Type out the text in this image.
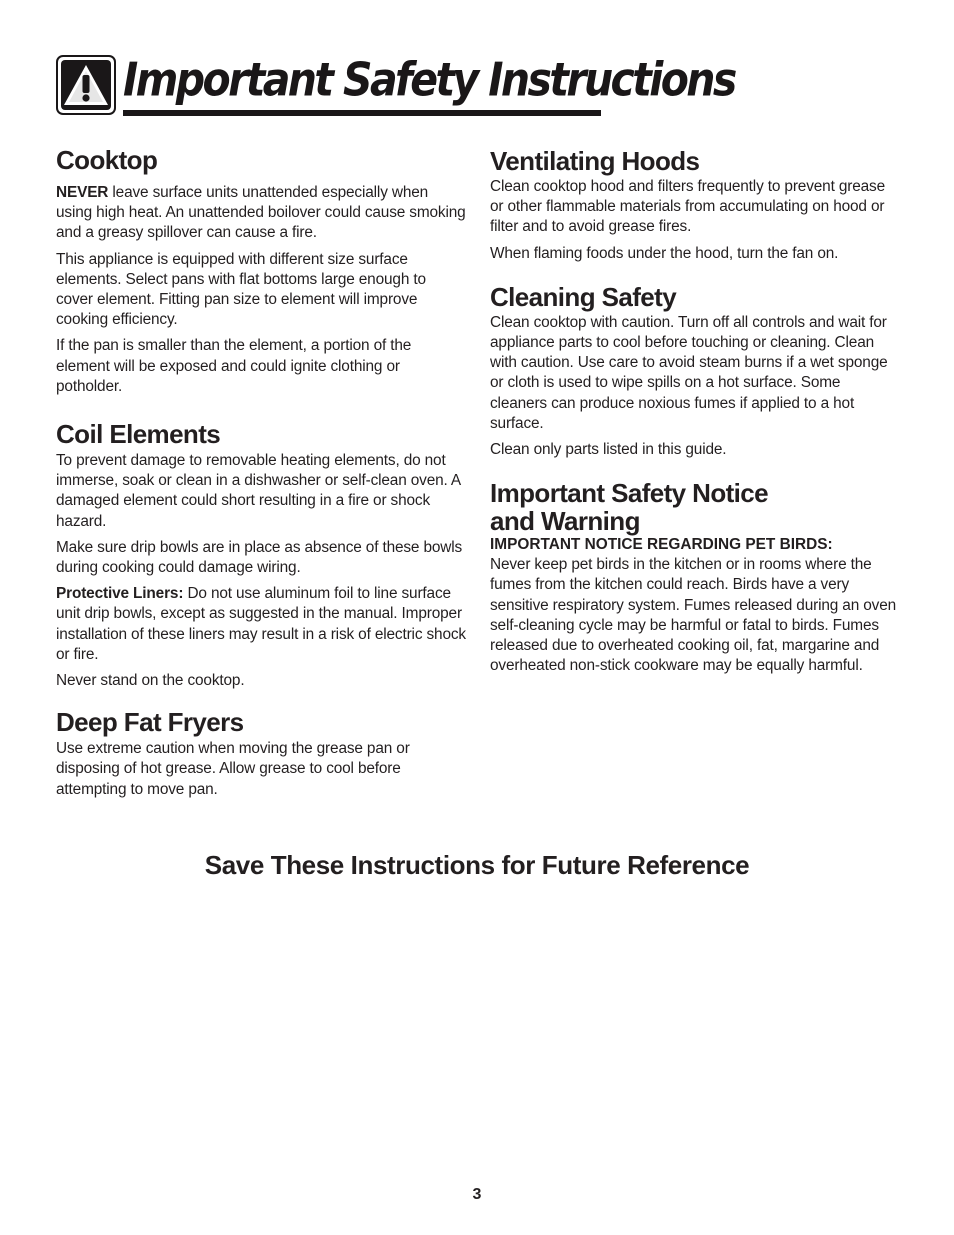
Important Safety Instructions
Cooktop

NEVER leave surface units unattended especially when using high heat. An unattended boilover could cause smoking and a greasy spillover can cause a fire.

This appliance is equipped with different size surface elements. Select pans with flat bottoms large enough to cover element. Fitting pan size to element will improve cooking efficiency.

If the pan is smaller than the element, a portion of the element will be exposed and could ignite clothing or potholder.

Coil Elements

To prevent damage to removable heating elements, do not immerse, soak or clean in a dishwasher or self-clean oven. A damaged element could short resulting in a fire or shock hazard.

Make sure drip bowls are in place as absence of these bowls during cooking could damage wiring.

Protective Liners: Do not use aluminum foil to line surface unit drip bowls, except as suggested in the manual. Improper installation of these liners may result in a risk of electric shock or fire.

Never stand on the cooktop.

Deep Fat Fryers

Use extreme caution when moving the grease pan or disposing of hot grease. Allow grease to cool before attempting to move pan.

Ventilating Hoods

Clean cooktop hood and filters frequently to prevent grease or other flammable materials from accumulating on hood or filter and to avoid grease fires.

When flaming foods under the hood, turn the fan on.

Cleaning Safety

Clean cooktop with caution. Turn off all controls and wait for appliance parts to cool before touching or cleaning. Clean with caution. Use care to avoid steam burns if a wet sponge or cloth is used to wipe spills on a hot surface. Some cleaners can produce noxious fumes if applied to a hot surface.

Clean only parts listed in this guide.

Important Safety Notice
and Warning
IMPORTANT NOTICE REGARDING PET BIRDS:

Never keep pet birds in the kitchen or in rooms where the fumes from the kitchen could reach. Birds have a very sensitive respiratory system. Fumes released during an oven self-cleaning cycle may be harmful or fatal to birds. Fumes released due to overheated cooking oil, fat, margarine and overheated non-stick cookware may be equally harmful.

Save These Instructions for Future Reference
3
